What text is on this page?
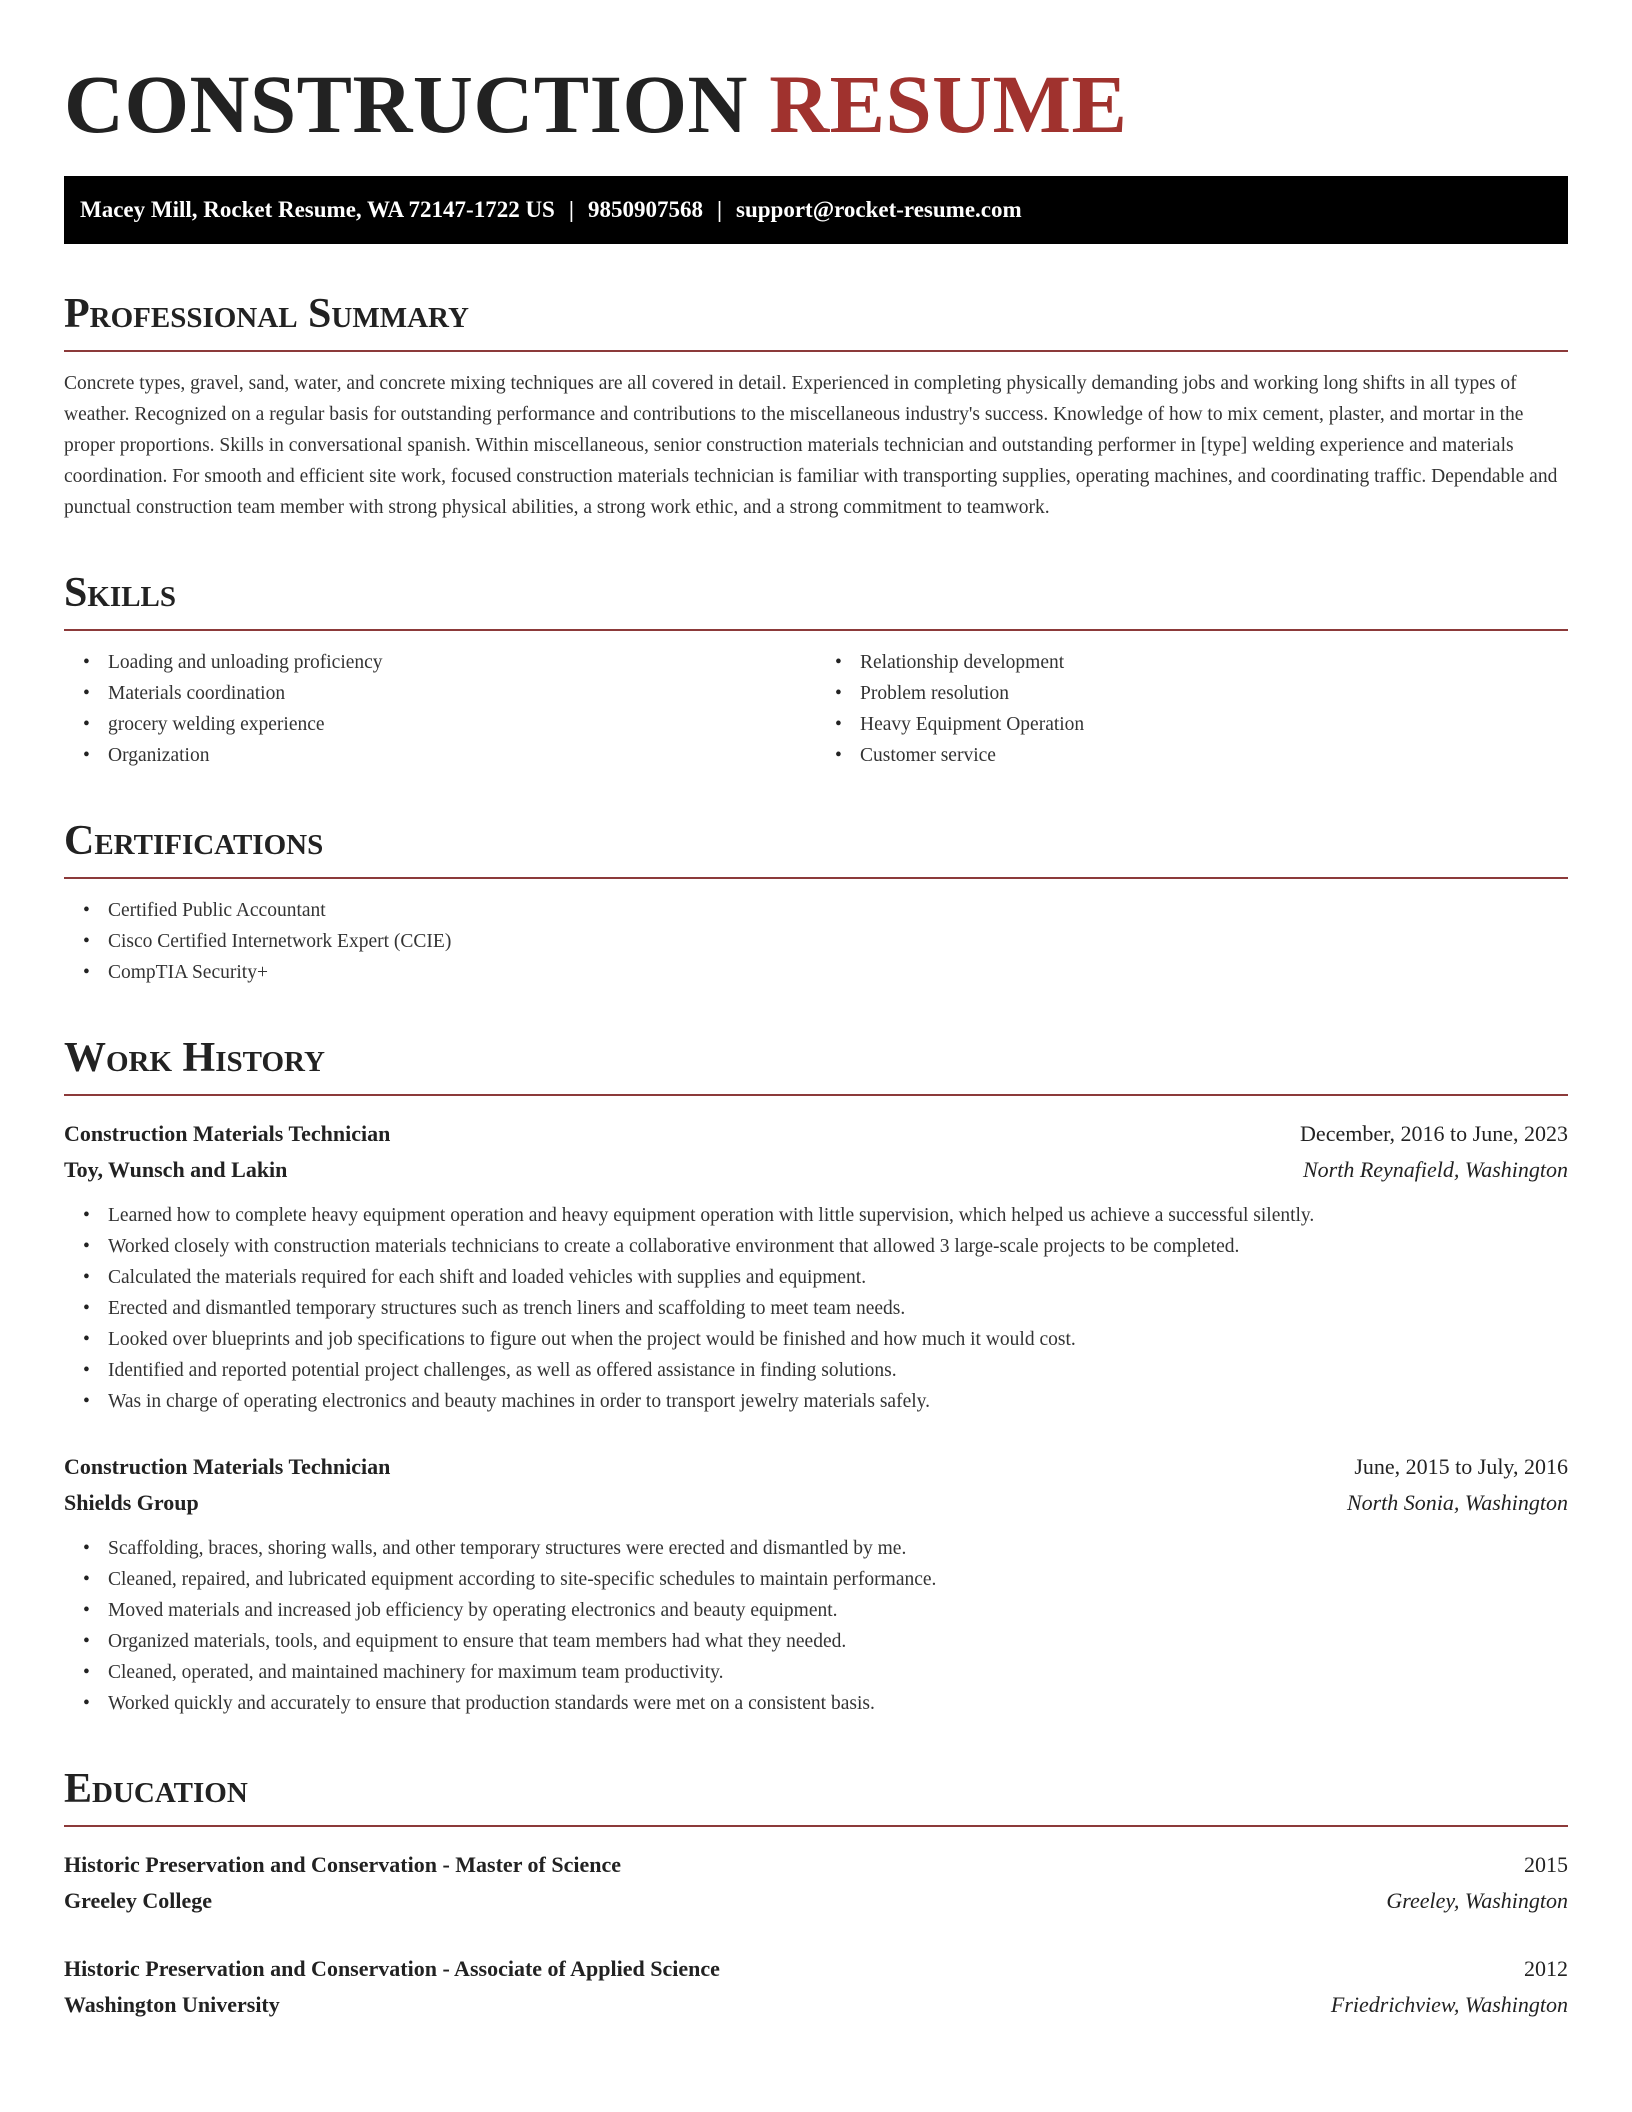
CONSTRUCTION RESUME
Macey Mill, Rocket Resume, WA 72147-1722 US | 9850907568 | support@rocket-resume.com
Professional Summary

Concrete types, gravel, sand, water, and concrete mixing techniques are all covered in detail. Experienced in completing physically demanding jobs and working long shifts in all types of weather. Recognized on a regular basis for outstanding performance and contributions to the miscellaneous industry's success. Knowledge of how to mix cement, plaster, and mortar in the proper proportions. Skills in conversational spanish. Within miscellaneous, senior construction materials technician and outstanding performer in [type] welding experience and materials coordination. For smooth and efficient site work, focused construction materials technician is familiar with transporting supplies, operating machines, and coordinating traffic. Dependable and punctual construction team member with strong physical abilities, a strong work ethic, and a strong commitment to teamwork.

Skills
• Loading and unloading proficiency
• Materials coordination
• grocery welding experience
• Organization
• Relationship development
• Problem resolution
• Heavy Equipment Operation
• Customer service
Certifications
• Certified Public Accountant
• Cisco Certified Internetwork Expert (CCIE)
• CompTIA Security+
Work History
Construction Materials Technician	December, 2016 to June, 2023
Toy, Wunsch and Lakin	North Reynafield, Washington
• Learned how to complete heavy equipment operation and heavy equipment operation with little supervision, which helped us achieve a successful silently.
• Worked closely with construction materials technicians to create a collaborative environment that allowed 3 large-scale projects to be completed.
• Calculated the materials required for each shift and loaded vehicles with supplies and equipment.
• Erected and dismantled temporary structures such as trench liners and scaffolding to meet team needs.
• Looked over blueprints and job specifications to figure out when the project would be finished and how much it would cost.
• Identified and reported potential project challenges, as well as offered assistance in finding solutions.
• Was in charge of operating electronics and beauty machines in order to transport jewelry materials safely.
Construction Materials Technician	June, 2015 to July, 2016
Shields Group	North Sonia, Washington
• Scaffolding, braces, shoring walls, and other temporary structures were erected and dismantled by me.
• Cleaned, repaired, and lubricated equipment according to site-specific schedules to maintain performance.
• Moved materials and increased job efficiency by operating electronics and beauty equipment.
• Organized materials, tools, and equipment to ensure that team members had what they needed.
• Cleaned, operated, and maintained machinery for maximum team productivity.
• Worked quickly and accurately to ensure that production standards were met on a consistent basis.
Education
Historic Preservation and Conservation - Master of Science	2015
Greeley College	Greeley, Washington
Historic Preservation and Conservation - Associate of Applied Science	2012
Washington University	Friedrichview, Washington
